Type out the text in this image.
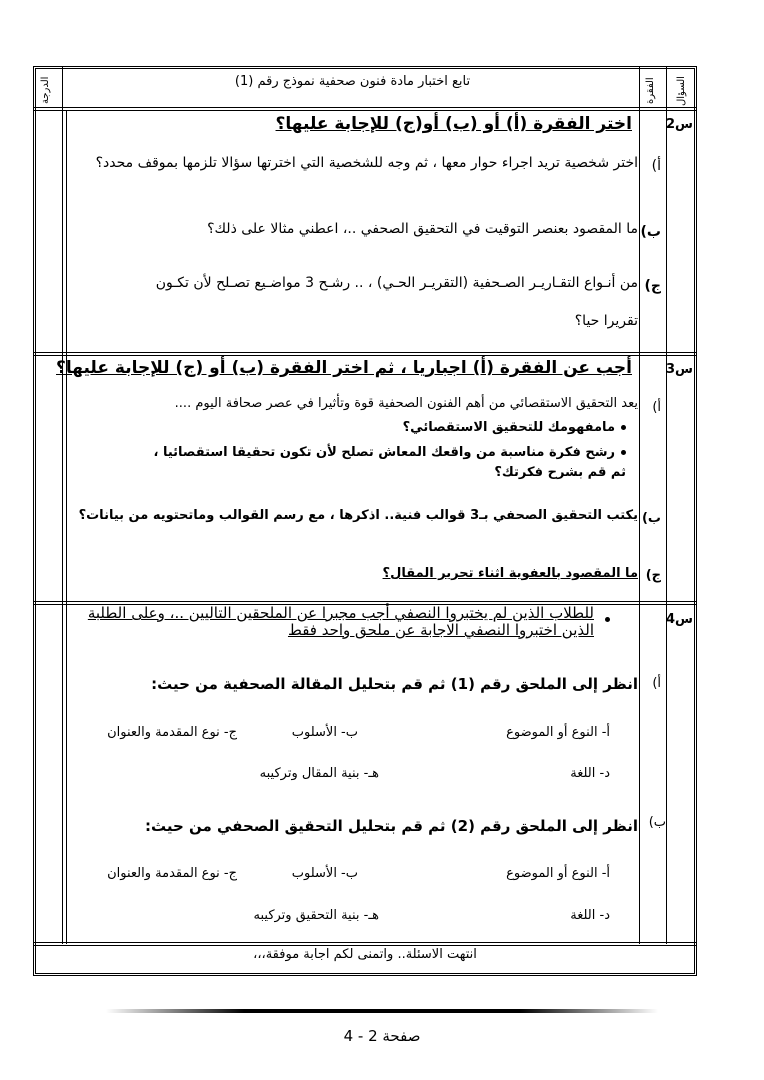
الدرجة	تابع اختبار مادة فنون صحفية نموذج رقم (1)	الفقرة السؤال
س2
اختر الفقرة (أ) أو (ب) أو(ج) للإجابة عليها؟
أ)
اختر شخصية تريد اجراء حوار معها ، ثم وجه للشخصية التي اخترتها سؤالا تلزمها بموقف محدد؟
ب)
ما المقصود بعنصر التوقيت في التحقيق الصحفي ..، اعطني مثالا على ذلك؟
ج)
من أنـواع التقـاريـر الصـحفية (التقريـر الحـي) ، .. رشـح 3 مواضـيع تصـلح لأن تكـون
تقريرا حيا؟
س3
أجب عن الفقرة (أ) اجباريا ، ثم اختر الفقرة (ب) أو (ج) للإجابة عليها؟
أ)
يعد التحقيق الاستقصائي من أهم الفنون الصحفية قوة وتأثيرا في عصر صحافة اليوم ....
مامفهومك للتحقيق الاستقصائي؟
رشح فكرة مناسبة من واقعك المعاش تصلح لأن تكون تحقيقا استقصائيا ، ثم قم بشرح فكرتك؟
ب)
يكتب التحقيق الصحفي بـ3 قوالب فنية.. اذكرها ، مع رسم القوالب وماتحتويه من بيانات؟
ج)
ما المقصود بالعفوية اثناء تحرير المقال؟
س4
للطلاب الذين لم يختبروا النصفي أجب مجبرا عن الملحقين التاليين ..، وعلى الطلبة الذين اختبروا النصفي الاجابة عن ملحق واحد فقط
أ)
انظر إلى الملحق رقم (1) ثم قم بتحليل المقالة الصحفية من حيث:
أ- النوع أو الموضوع
ب- الأسلوب
ج- نوع المقدمة والعنوان
د- اللغة
هـ- بنية المقال وتركيبه
ب)
انظر إلى الملحق رقم (2) ثم قم بتحليل التحقيق الصحفي من حيث:
أ- النوع أو الموضوع
ب- الأسلوب
ج- نوع المقدمة والعنوان
د- اللغة
هـ- بنية التحقيق وتركيبه
انتهت الاسئلة.. واتمنى لكم اجابة موفقة،،،
صفحة 2 - 4
